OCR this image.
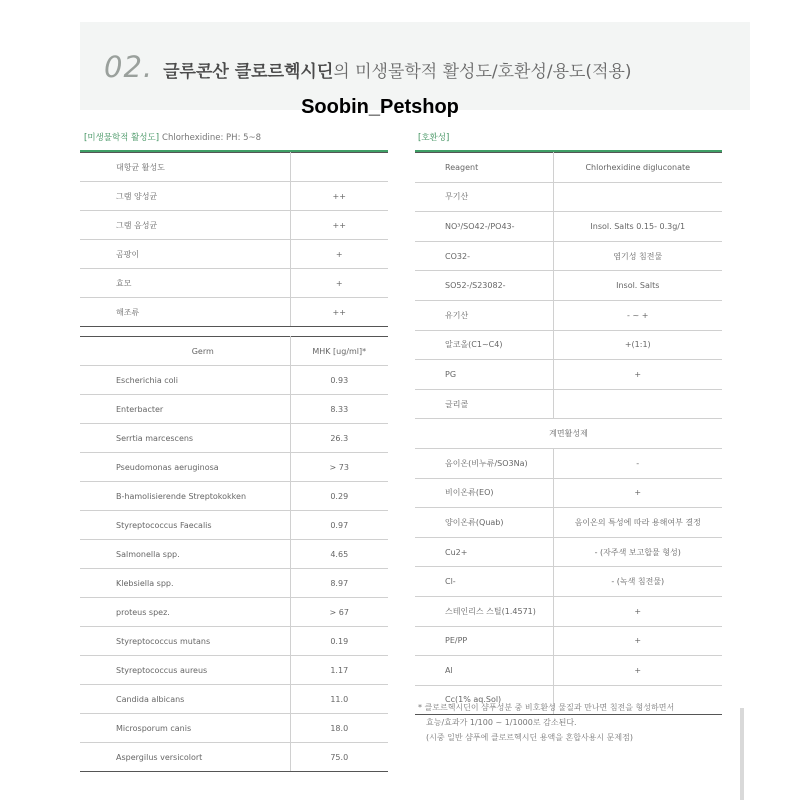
02. 글루콘산 클로르헥시딘의 미생물학적 활성도/호환성/용도(적용)
Soobin_Petshop
[미생물학적 활성도] Chlorhexidine: PH: 5~8
대항균 활성도	
그램 양성균	++
그램 음성균	++
곰팡이	+
효모	+
해조류	++
Germ	MHK [ug/ml]*
Escherichia coli	0.93
Enterbacter	8.33
Serrtia marcescens	26.3
Pseudomonas aeruginosa	> 73
B-hamolisierende Streptokokken	0.29
Styreptococcus Faecalis	0.97
Salmonella spp.	4.65
Klebsiella spp.	8.97
proteus spez.	> 67
Styreptococcus mutans	0.19
Styreptococcus aureus	1.17
Candida albicans	11.0
Microsporum canis	18.0
Aspergilus versicolort	75.0
[호환성]
Reagent	Chlorhexidine digluconate
무기산	
NO³/SO42-/PO43-	Insol. Salts 0.15- 0.3g/1
CO32-	염기성 침전물
SO52-/S23082-	Insol. Salts
유기산	- ~ +
알코올(C1~C4)	+(1:1)
PG	+
글리콜	
계면활성제	
음이온(비누류/SO3Na)	-
비이온류(EO)	+
양이온류(Quab)	음이온의 특성에 따라 용해여부 결정
Cu2+	- (자주색 보고합물 형성)
Cl-	- (녹색 침전물)
스테인리스 스틸(1.4571)	+
PE/PP	+
Al	+
Cc(1% aq.Sol)	
* 클로르헥시딘이 샴푸성분 중 비호환성 물질과 만나면 침전을 형성하면서
효능/효과가 1/100 ~ 1/1000로 감소된다.
(시중 일반 샴푸에 클로르헥시딘 용액을 혼합사용시 문제점)
